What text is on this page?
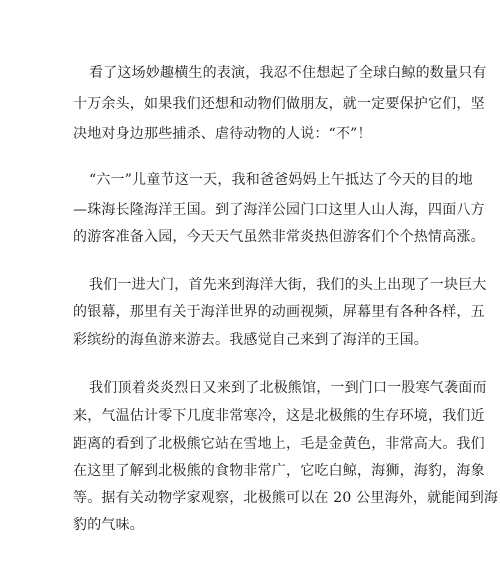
看了这场妙趣横生的表演，我忍不住想起了全球白鲸的数量只有
十万余头，如果我们还想和动物们做朋友，就一定要保护它们，坚
决地对身边那些捕杀、虐待动物的人说：“不”！
“六一”儿童节这一天，我和爸爸妈妈上午抵达了今天的目的地
—珠海长隆海洋王国。到了海洋公园门口这里人山人海，四面八方
的游客准备入园，今天天气虽然非常炎热但游客们个个热情高涨。
我们一进大门，首先来到海洋大街，我们的头上出现了一块巨大
的银幕，那里有关于海洋世界的动画视频，屏幕里有各种各样，五
彩缤纷的海鱼游来游去。我感觉自己来到了海洋的王国。
我们顶着炎炎烈日又来到了北极熊馆，一到门口一股寒气袭面而
来，气温估计零下几度非常寒冷，这是北极熊的生存环境，我们近
距离的看到了北极熊它站在雪地上，毛是金黄色，非常高大。我们
在这里了解到北极熊的食物非常广，它吃白鲸，海狮，海豹，海象
等。据有关动物学家观察，北极熊可以在 20 公里海外，就能闻到海
豹的气味。
